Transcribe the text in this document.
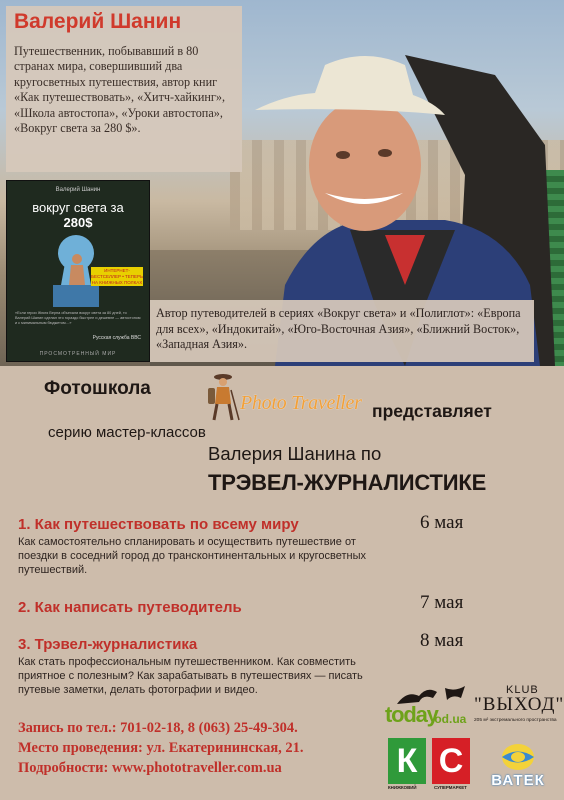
Валерий Шанин

Путешественник, побывавший в 80 странах мира, совершивший два кругосветных путешествия, автор книг «Как путешествовать», «Хитч-хайкинг», «Школа автостопа», «Уроки автостопа», «Вокруг света за 280 $».

Валерий Шанин
вокруг света за
280$
ИНТЕРНЕТ-БЕСТСЕЛЛЕР • ТЕПЕРЬ НА КНИЖНЫХ ПОЛКАХ
«Если герои Жюля Верна объехали вокруг света за 80 дней, то Валерий Шанин сделал это гораздо быстрее и дешевле — автостопом и с минимальным бюджетом…»
Русская служба ВВС
ПРОСМОТРЕННЫЙ МИР

Автор путеводителей в сериях «Вокруг света» и «Полиглот»: «Европа для всех», «Индокитай», «Юго-Восточная Азия», «Ближний Восток», «Западная Азия».

Фотошкола
Photo Traveller представляет
серию мастер-классов
Валерия Шанина по
ТРЭВЕЛ-ЖУРНАЛИСТИКЕ
1. Как путешествовать по всему миру	6 мая
Как самостоятельно спланировать и осуществить путешествие от поездки в соседний город до трансконтинентальных и кругосветных путешествий.
2. Как написать путеводитель	7 мая
3. Трэвел-журналистика	8 мая
Как стать профессиональным путешественником. Как совместить приятное с полезным? Как зарабатывать в путешествиях — писать путевые заметки, делать фотографии и видео.
Запись по тел.: 701-02-18, 8 (063) 25-49-304.
Место проведения: ул. Екатерининская, 21.
Подробности: www.phototraveller.com.ua
today
.od.ua
KLUB
"ВЫХОД"
205 м² экстремального пространства
К С
КНИЖКОВИЙ	СУПЕРМАРКЕТ	ВАТЕК
